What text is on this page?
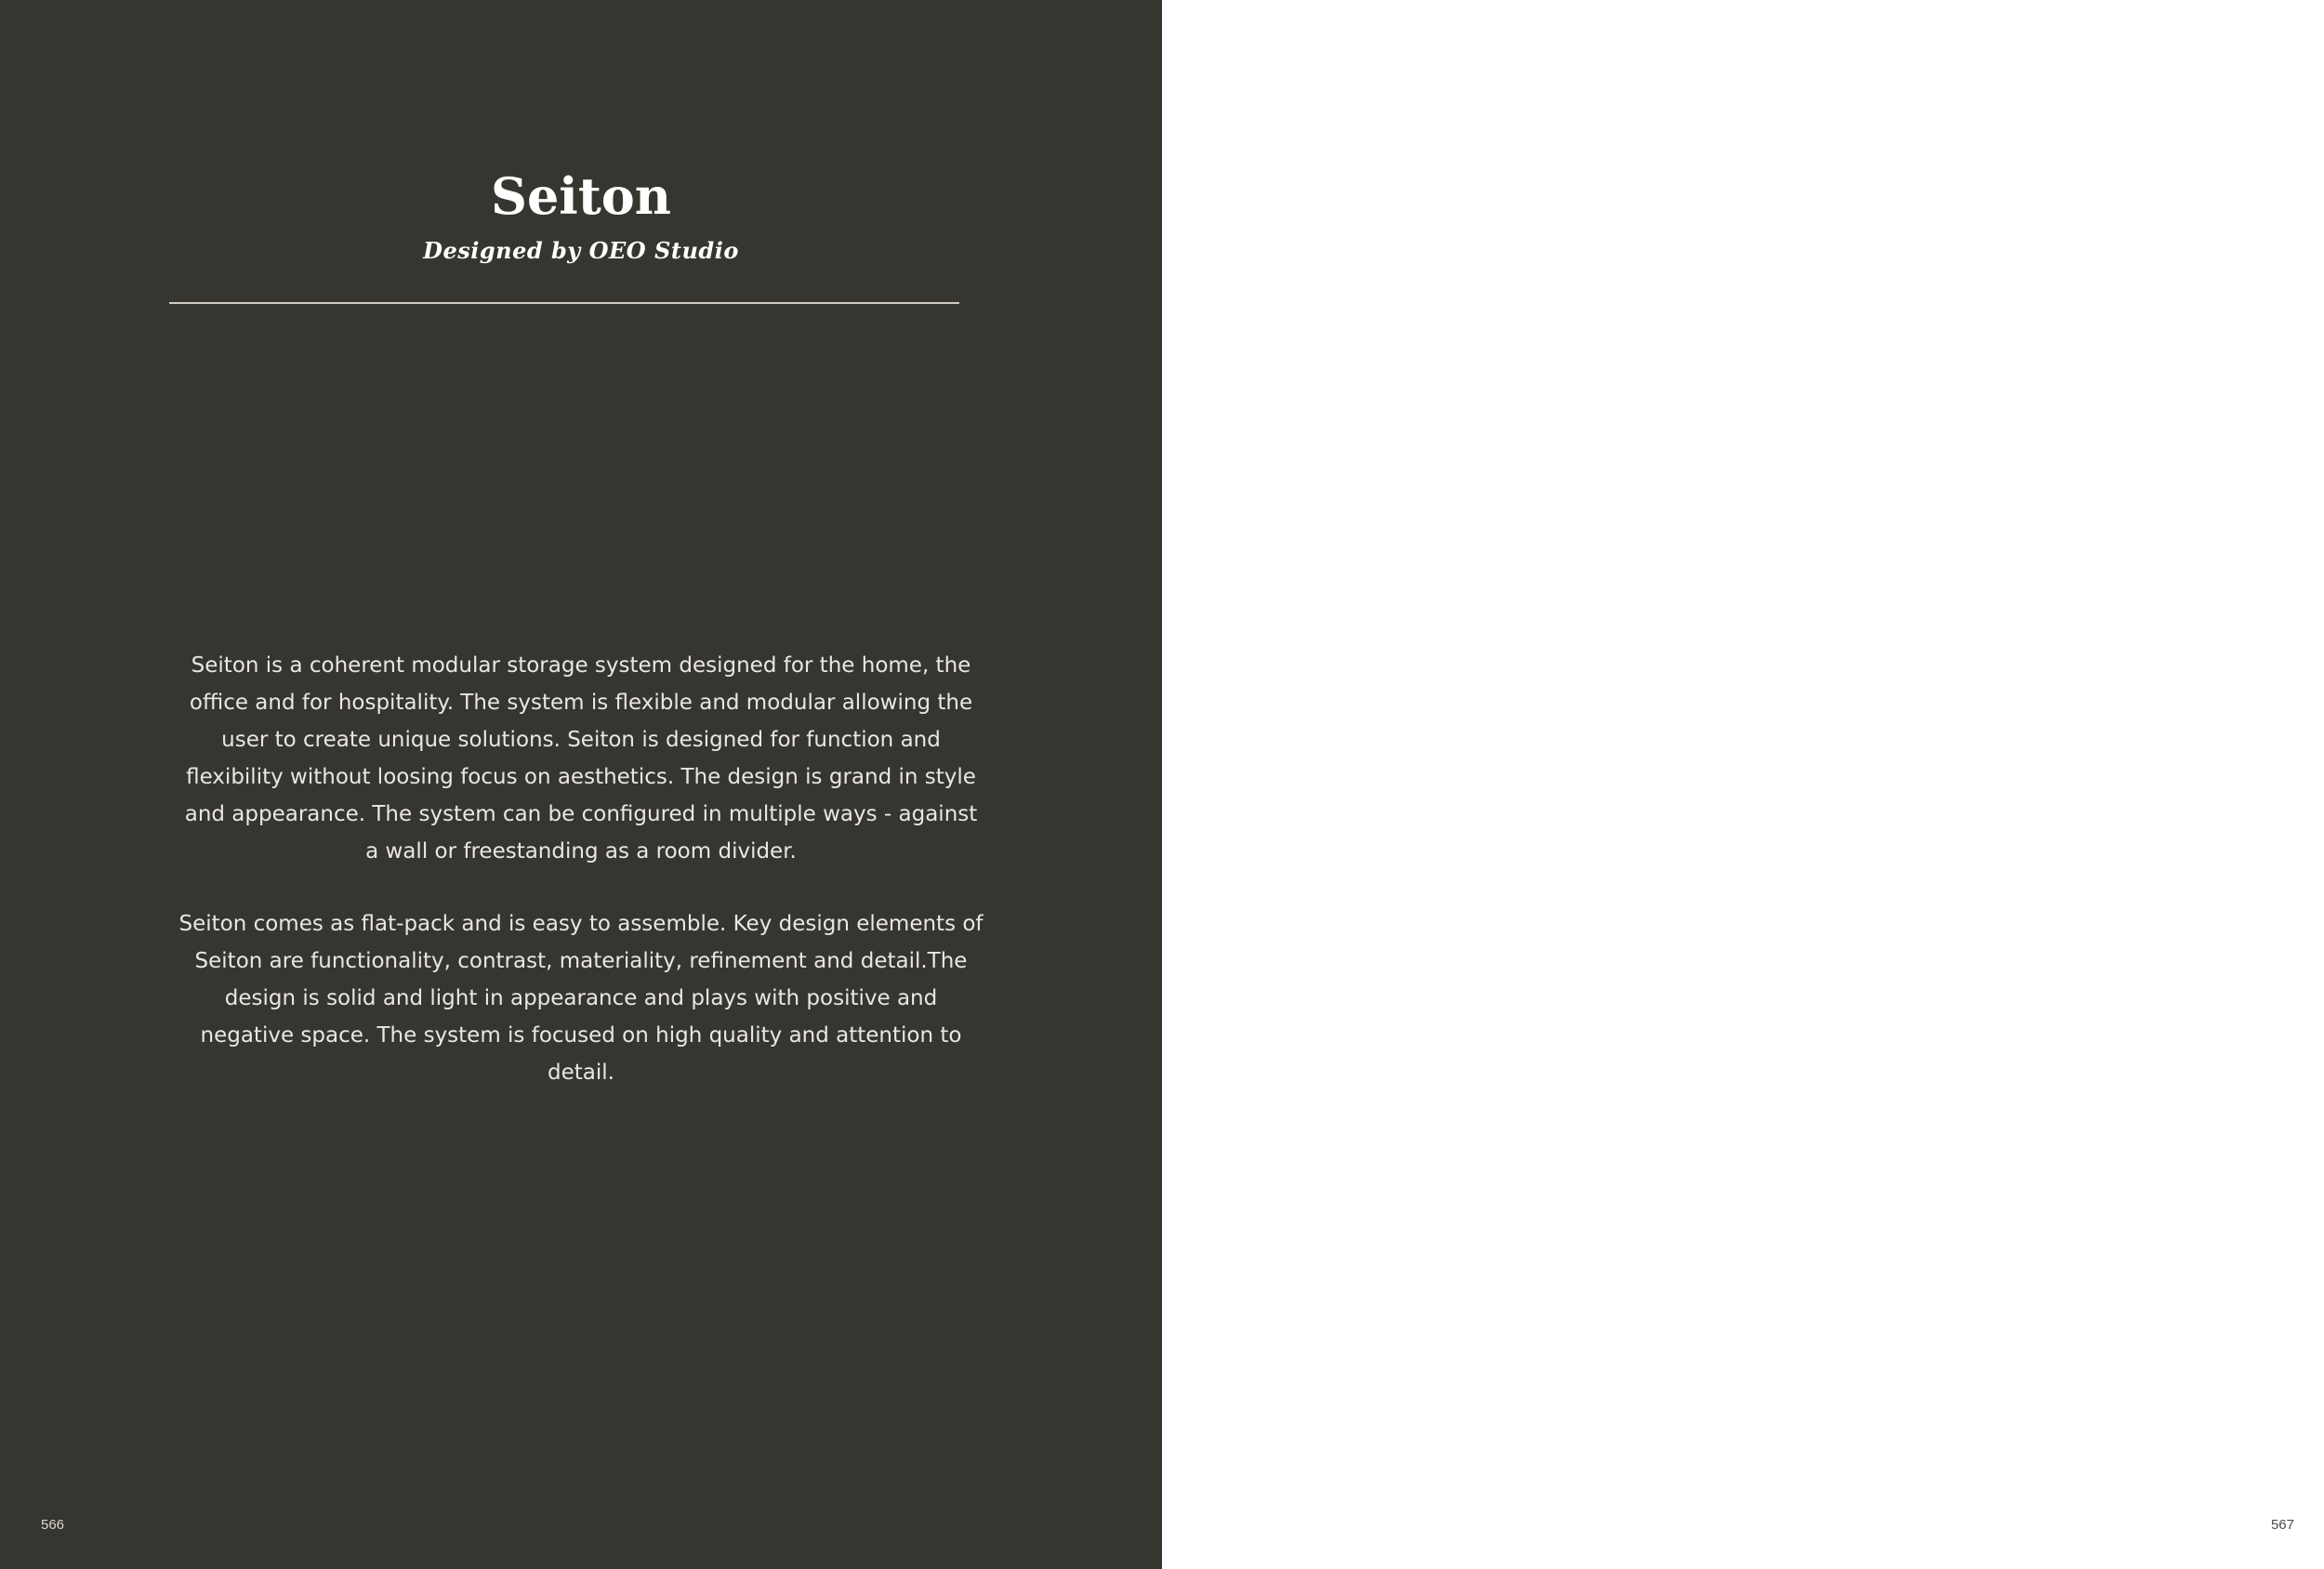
Seiton
Designed by OEO Studio

Seiton is a coherent modular storage system designed for the home, the office and for hospitality. The system is flexible and modular allowing the user to create unique solutions. Seiton is designed for function and flexibility without loosing focus on aesthetics. The design is grand in style and appearance. The system can be configured in multiple ways - against a wall or freestanding as a room divider.

Seiton comes as flat-pack and is easy to assemble. Key design elements of Seiton are functionality, contrast, materiality, refinement and detail.The design is solid and light in appearance and plays with positive and negative space. The system is focused on high quality and attention to detail.

566	567
